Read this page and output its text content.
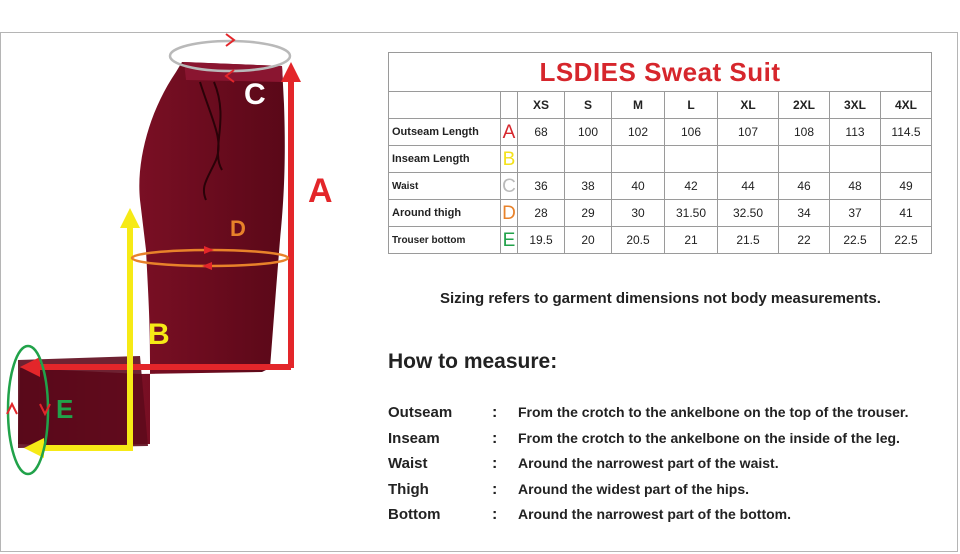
C
A
B
D
E
LSDIES Sweat Suit									
		XS	S	M	L	XL	2XL	3XL	4XL
Outseam Length	A	68	100	102	106	107	108	113	114.5
Inseam Length	B								
Waist	C	36	38	40	42	44	46	48	49
Around thigh	D	28	29	30	31.50	32.50	34	37	41
Trouser bottom	E	19.5	20	20.5	21	21.5	22	22.5	22.5
Sizing refers to garment dimensions not body measurements.
How to measure:
Outseam : From the crotch to the ankelbone on the top of the trouser.
Inseam	: From the crotch to the ankelbone on the inside of the leg.
Waist	: Around the narrowest part of the waist.
Thigh	: Around the widest part of the hips.
Bottom	: Around the narrowest part of the bottom.
